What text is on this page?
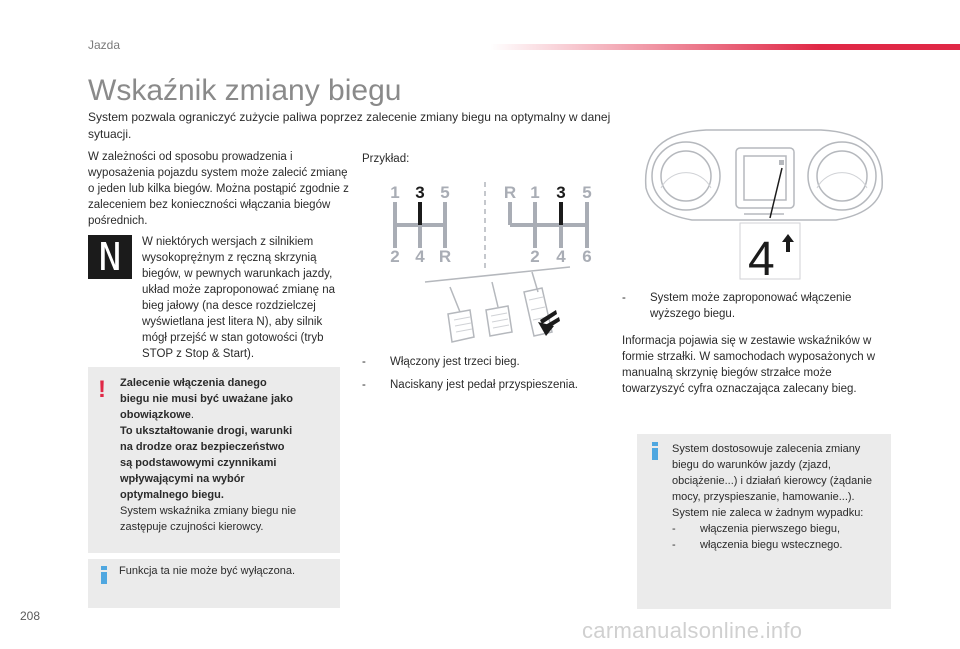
Jazda
Wskaźnik zmiany biegu
System pozwala ograniczyć zużycie paliwa poprzez zalecenie zmiany biegu na optymalny w danej sytuacji.
W zależności od sposobu prowadzenia i wyposażenia pojazdu system może zalecić zmianę o jeden lub kilka biegów. Można postąpić zgodnie z zaleceniem bez konieczności włączania biegów pośrednich.
N	W niektórych wersjach z silnikiem wysokoprężnym z ręczną skrzynią biegów, w pewnych warunkach jazdy, układ może zaproponować zmianę na bieg jałowy (na desce rozdzielczej wyświetlana jest litera N), aby silnik mógł przejść w stan gotowości (tryb STOP z Stop & Start).
! Zalecenie włączenia danego
biegu nie musi być uważane jako
obowiązkowe.
To ukształtowanie drogi, warunki
na drodze oraz bezpieczeństwo
są podstawowymi czynnikami
wpływającymi na wybór
optymalnego biegu.
System wskaźnika zmiany biegu nie
zastępuje czujności kierowcy.
Funkcja ta nie może być wyłączona.
Przykład:
1 3 5
2 4 R
R 1 3 5
2 4 6
-	Włączony jest trzeci bieg.
-	Naciskany jest pedał przyspieszenia.
4
-	System może zaproponować włączenie wyższego biegu.
Informacja pojawia się w zestawie wskaźników w formie strzałki. W samochodach wyposażonych w manualną skrzynię biegów strzałce może towarzyszyć cyfra oznaczająca zalecany bieg.
System dostosowuje zalecenia zmiany biegu do warunków jazdy (zjazd, obciążenie...) i działań kierowcy (żądanie mocy, przyspieszanie, hamowanie...).
System nie zaleca w żadnym wypadku:
-	włączenia pierwszego biegu,
-	włączenia biegu wstecznego.
208
carmanualsonline.info
